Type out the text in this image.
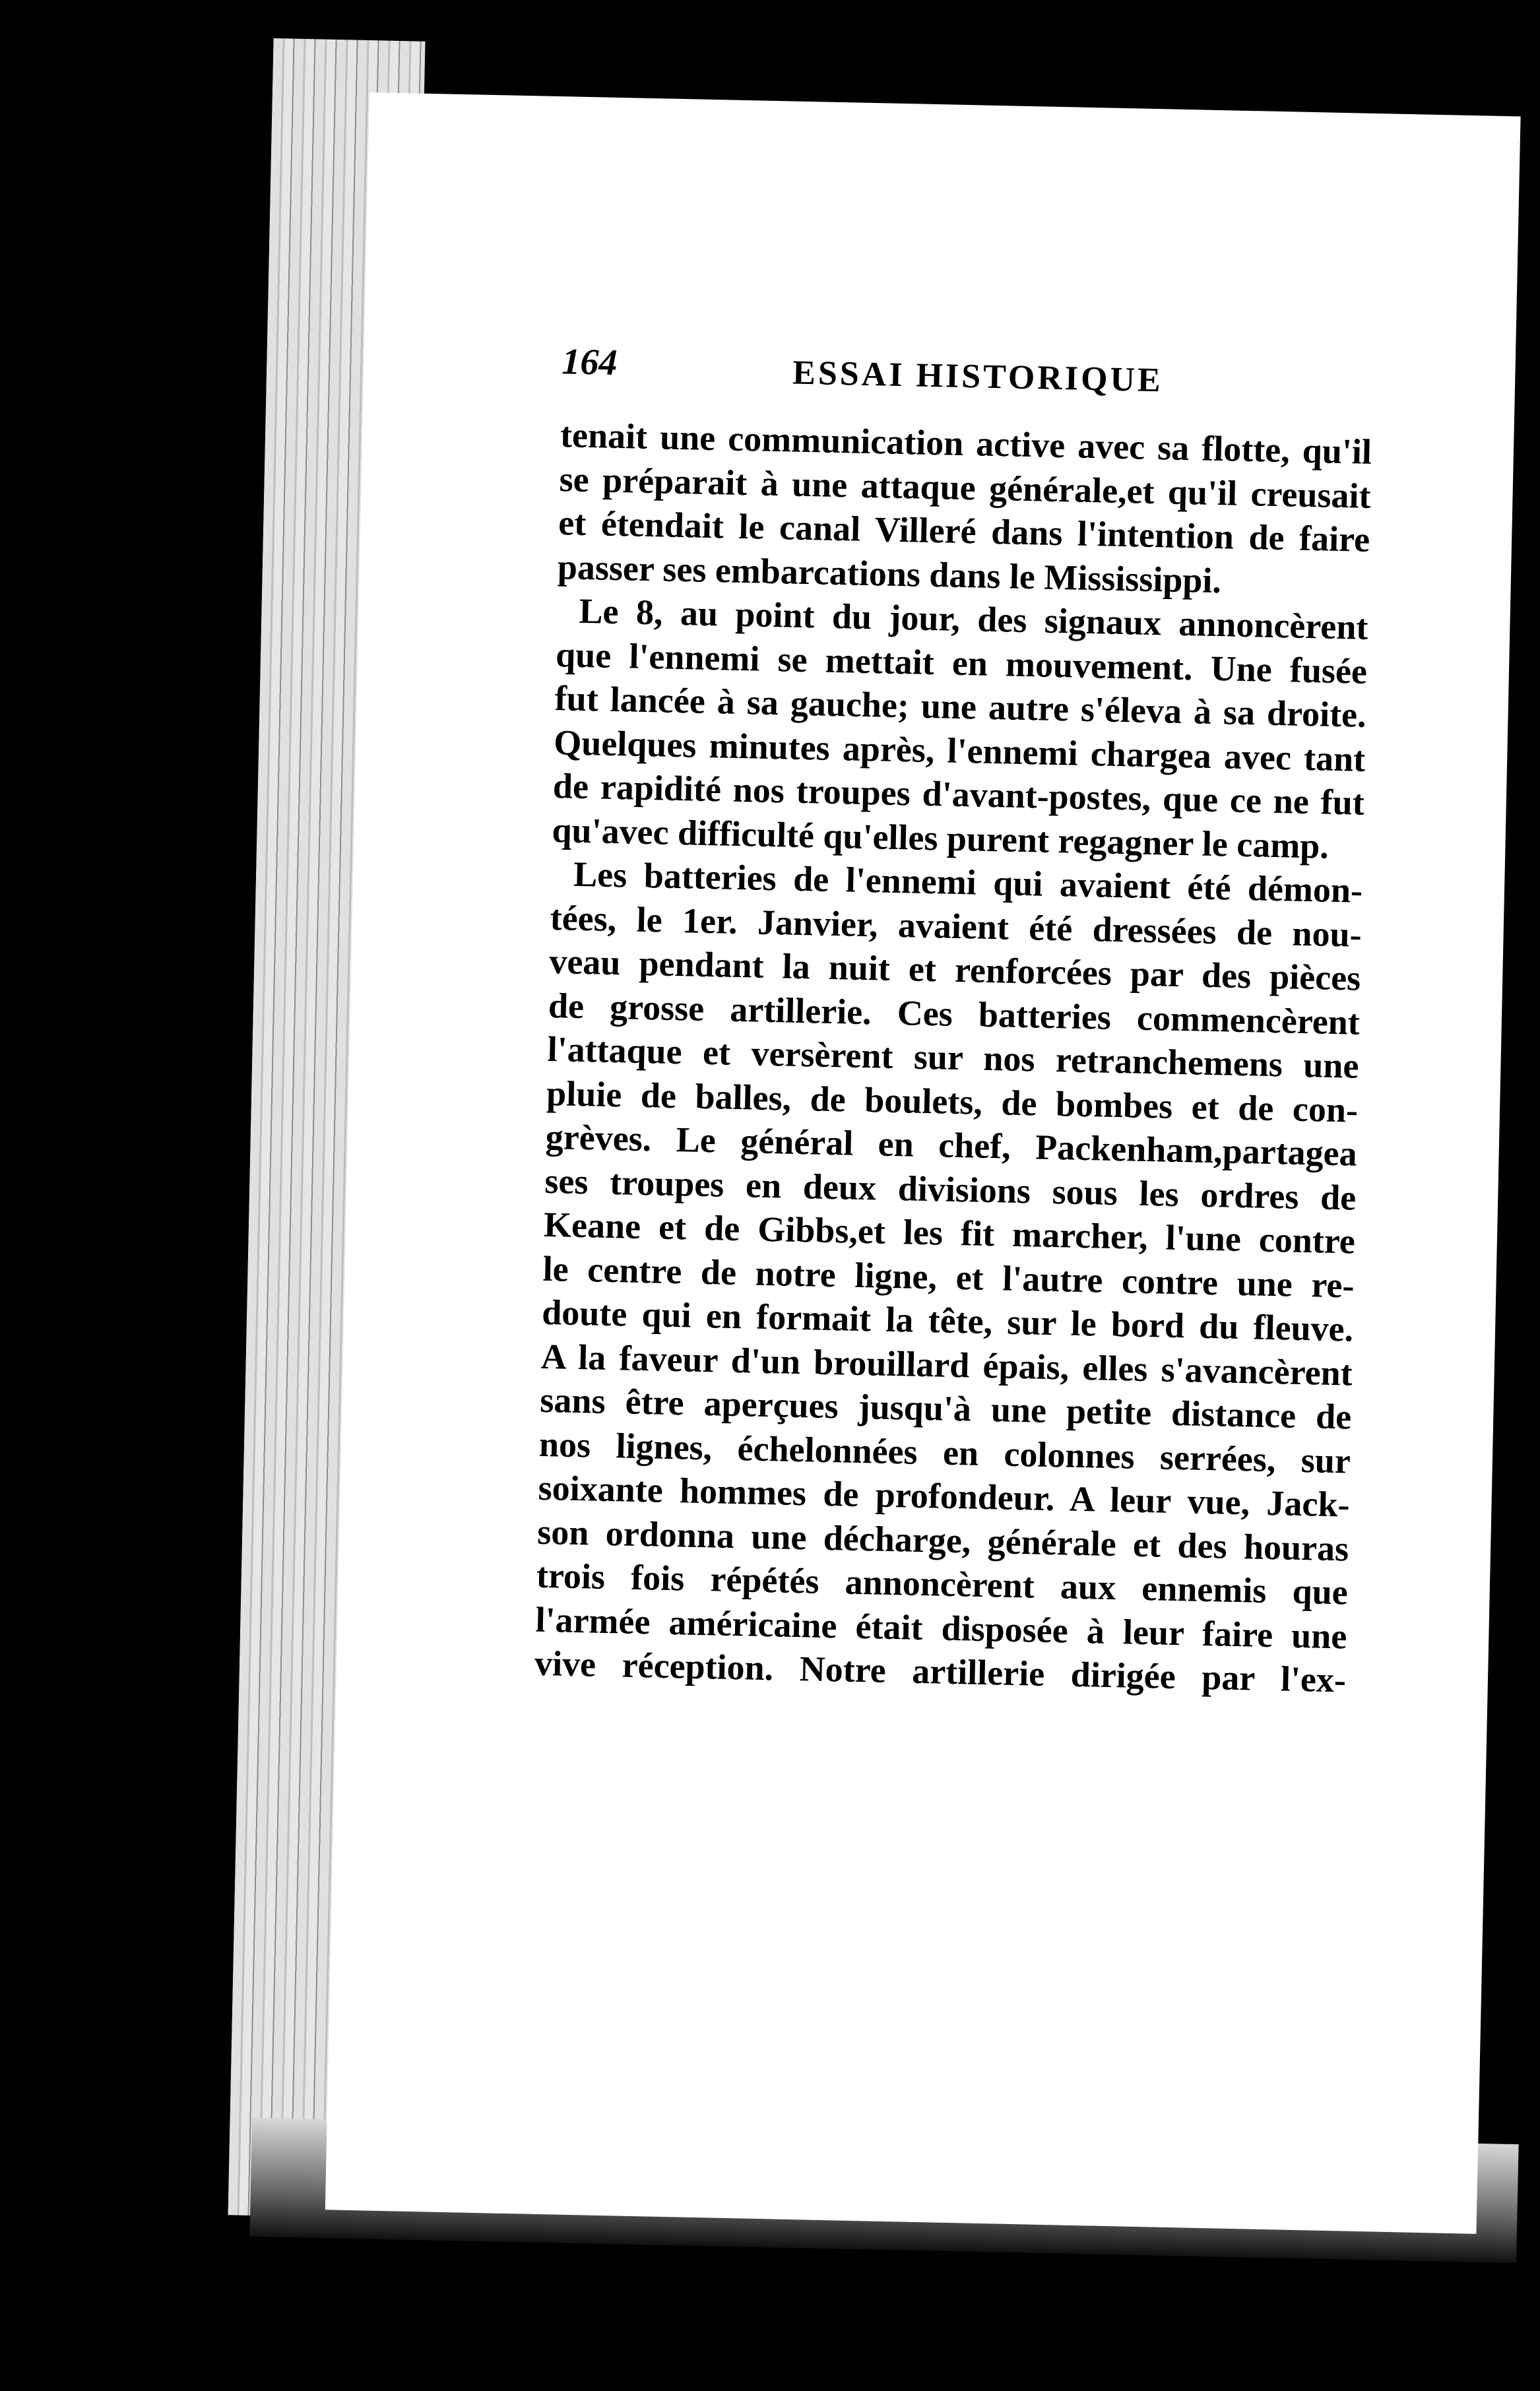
164	ESSAI HISTORIQUE
tenait une communication active avec sa flotte, qu'il
se préparait à une attaque générale,et qu'il creusait
et étendait le canal Villeré dans l'intention de faire
passer ses embarcations dans le Mississippi.
Le 8, au point du jour, des signaux annoncèrent
que l'ennemi se mettait en mouvement. Une fusée
fut lancée à sa gauche; une autre s'éleva à sa droite.
Quelques minutes après, l'ennemi chargea avec tant
de rapidité nos troupes d'avant-postes, que ce ne fut
qu'avec difficulté qu'elles purent regagner le camp.
Les batteries de l'ennemi qui avaient été démon-
tées, le 1er. Janvier, avaient été dressées de nou-
veau pendant la nuit et renforcées par des pièces
de grosse artillerie. Ces batteries commencèrent
l'attaque et versèrent sur nos retranchemens une
pluie de balles, de boulets, de bombes et de con-
grèves. Le général en chef, Packenham,partagea
ses troupes en deux divisions sous les ordres de
Keane et de Gibbs,et les fit marcher, l'une contre
le centre de notre ligne, et l'autre contre une re-
doute qui en formait la tête, sur le bord du fleuve.
A la faveur d'un brouillard épais, elles s'avancèrent
sans être aperçues jusqu'à une petite distance de
nos lignes, échelonnées en colonnes serrées, sur
soixante hommes de profondeur. A leur vue, Jack-
son ordonna une décharge, générale et des houras
trois fois répétés annoncèrent aux ennemis que
l'armée américaine était disposée à leur faire une
vive réception. Notre artillerie dirigée par l'ex-
